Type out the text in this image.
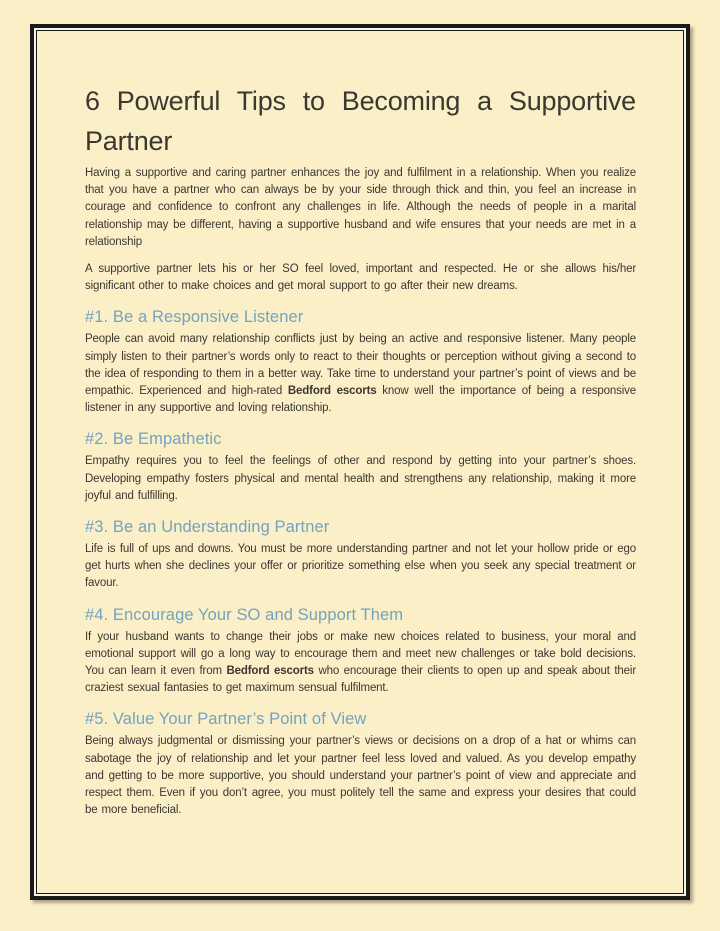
6 Powerful Tips to Becoming a Supportive Partner

Having a supportive and caring partner enhances the joy and fulfilment in a relationship. When you realize that you have a partner who can always be by your side through thick and thin, you feel an increase in courage and confidence to confront any challenges in life. Although the needs of people in a marital relationship may be different, having a supportive husband and wife ensures that your needs are met in a relationship

A supportive partner lets his or her SO feel loved, important and respected. He or she allows his/her significant other to make choices and get moral support to go after their new dreams.

#1. Be a Responsive Listener

People can avoid many relationship conflicts just by being an active and responsive listener. Many people simply listen to their partner’s words only to react to their thoughts or perception without giving a second to the idea of responding to them in a better way. Take time to understand your partner’s point of views and be empathic. Experienced and high-rated Bedford escorts know well the importance of being a responsive listener in any supportive and loving relationship.

#2. Be Empathetic

Empathy requires you to feel the feelings of other and respond by getting into your partner’s shoes. Developing empathy fosters physical and mental health and strengthens any relationship, making it more joyful and fulfilling.

#3. Be an Understanding Partner

Life is full of ups and downs. You must be more understanding partner and not let your hollow pride or ego get hurts when she declines your offer or prioritize something else when you seek any special treatment or favour.

#4. Encourage Your SO and Support Them

If your husband wants to change their jobs or make new choices related to business, your moral and emotional support will go a long way to encourage them and meet new challenges or take bold decisions. You can learn it even from Bedford escorts who encourage their clients to open up and speak about their craziest sexual fantasies to get maximum sensual fulfilment.

#5. Value Your Partner’s Point of View

Being always judgmental or dismissing your partner’s views or decisions on a drop of a hat or whims can sabotage the joy of relationship and let your partner feel less loved and valued. As you develop empathy and getting to be more supportive, you should understand your partner’s point of view and appreciate and respect them. Even if you don’t agree, you must politely tell the same and express your desires that could be more beneficial.
